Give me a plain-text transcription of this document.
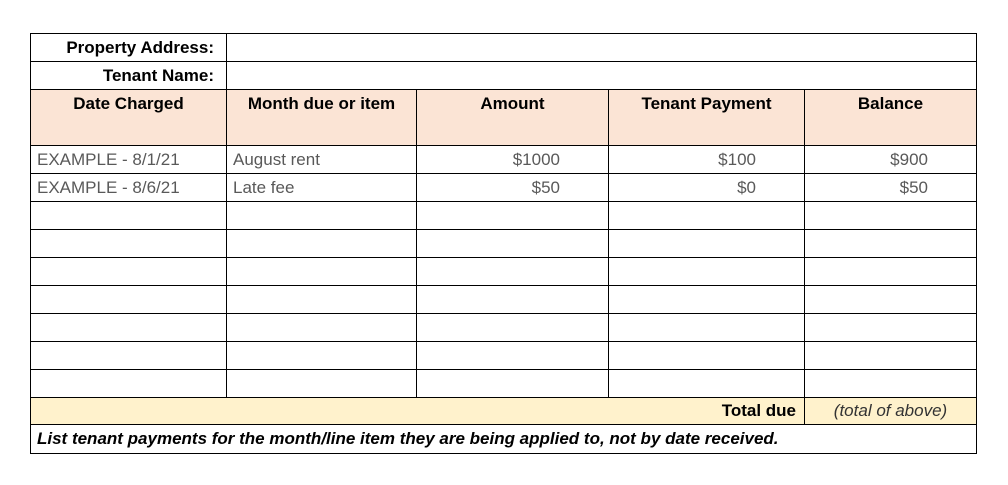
Property Address:				
Tenant Name:				
Date Charged	Month due or item	Amount	Tenant Payment	Balance
EXAMPLE - 8/1/21	August rent	$1000	$100	$900
EXAMPLE - 8/6/21	Late fee	$50	$0	$50

Total due				(total of above)
List tenant payments for the month/line item they are being applied to, not by date received.				
